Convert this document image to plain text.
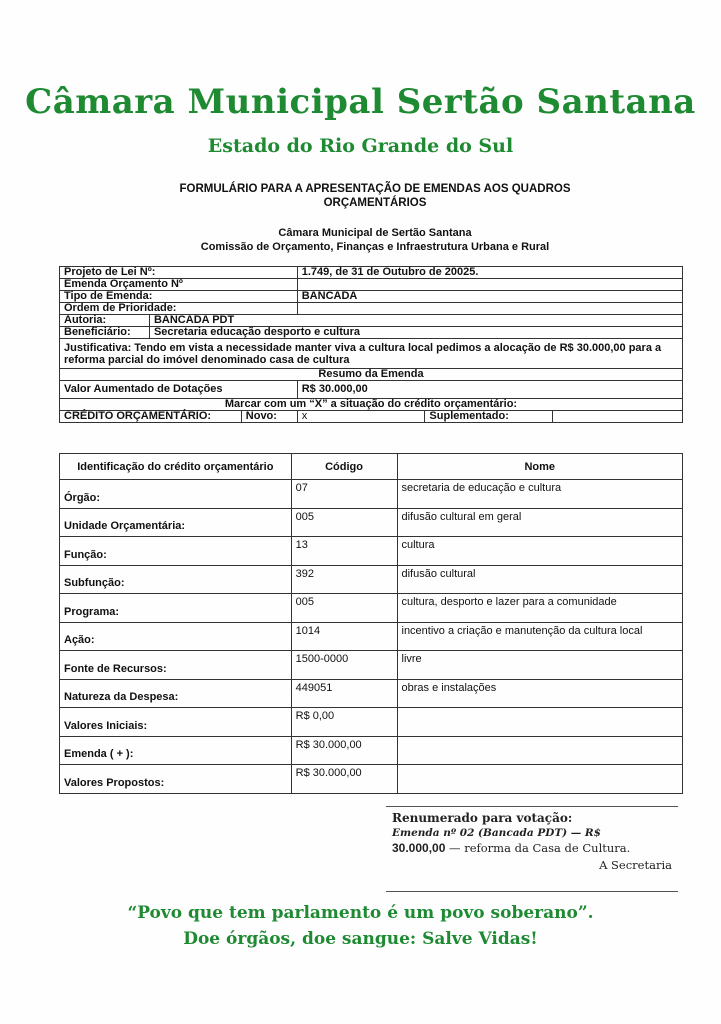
Câmara Municipal Sertão Santana
Estado do Rio Grande do Sul
FORMULÁRIO PARA A APRESENTAÇÃO DE EMENDAS AOS QUADROS
ORÇAMENTÁRIOS
Câmara Municipal de Sertão Santana
Comissão de Orçamento, Finanças e Infraestrutura Urbana e Rural
Projeto de Lei Nº:			1.749, de 31 de Outubro de 20025.		
Emenda Orçamento Nº					
Tipo de Emenda:			BANCADA		
Ordem de Prioridade:					
Autoria:	BANCADA PDT				
Beneficiário:	Secretaria educação desporto e cultura				
Justificativa: Tendo em vista a necessidade manter viva a cultura local pedimos a alocação de R$ 30.000,00 para a reforma parcial do imóvel denominado casa de cultura					
Resumo da Emenda					
Valor Aumentado de Dotações			R$ 30.000,00		
Marcar com um “X” a situação do crédito orçamentário:					
CRÉDITO ORÇAMENTÁRIO:		Novo:	x	Suplementado:	
Identificação do crédito orçamentário	Código	Nome
Órgão:	07	secretaria de educação e cultura
Unidade Orçamentária:	005	difusão cultural em geral
Função:	13	cultura
Subfunção:	392	difusão cultural
Programa:	005	cultura, desporto e lazer para a comunidade
Ação:	1014	incentivo a criação e manutenção da cultura local
Fonte de Recursos:	1500-0000	livre
Natureza da Despesa:	449051	obras e instalações
Valores Iniciais:	R$ 0,00	
Emenda ( + ):	R$ 30.000,00	
Valores Propostos:	R$ 30.000,00	
Renumerado para votação:
Emenda nº 02 (Bancada PDT) — R$
30.000,00 — reforma da Casa de Cultura.
A Secretaria
“Povo que tem parlamento é um povo soberano”.
Doe órgãos, doe sangue: Salve Vidas!
